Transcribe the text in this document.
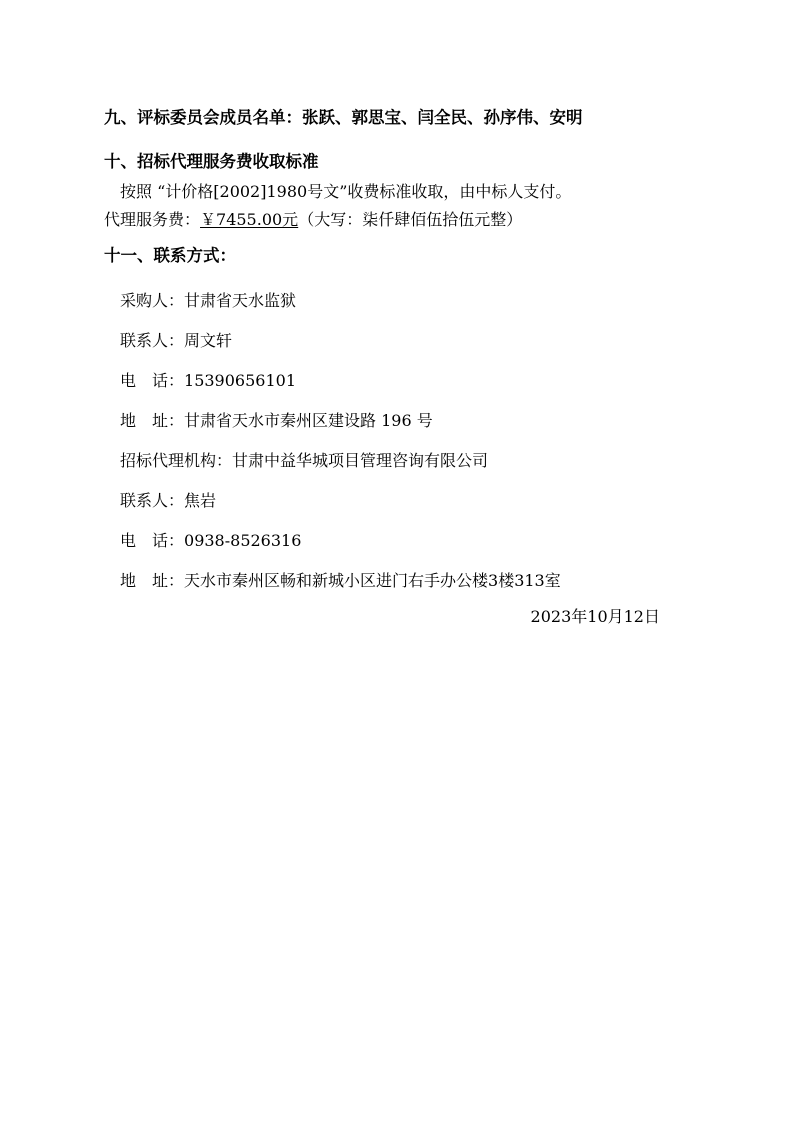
九、评标委员会成员名单：张跃、郭思宝、闫全民、孙序伟、安明
十、招标代理服务费收取标准
按照 “计价格[2002]1980号文”收费标准收取，由中标人支付。
代理服务费：￥7455.00元（大写：柒仟肆佰伍拾伍元整）
十一、联系方式：
采购人：甘肃省天水监狱
联系人：周文轩
电　话：15390656101
地　址：甘肃省天水市秦州区建设路 196 号
招标代理机构：甘肃中益华城项目管理咨询有限公司
联系人：焦岩
电　话：0938-8526316
地　址：天水市秦州区畅和新城小区进门右手办公楼3楼313室
2023年10月12日
